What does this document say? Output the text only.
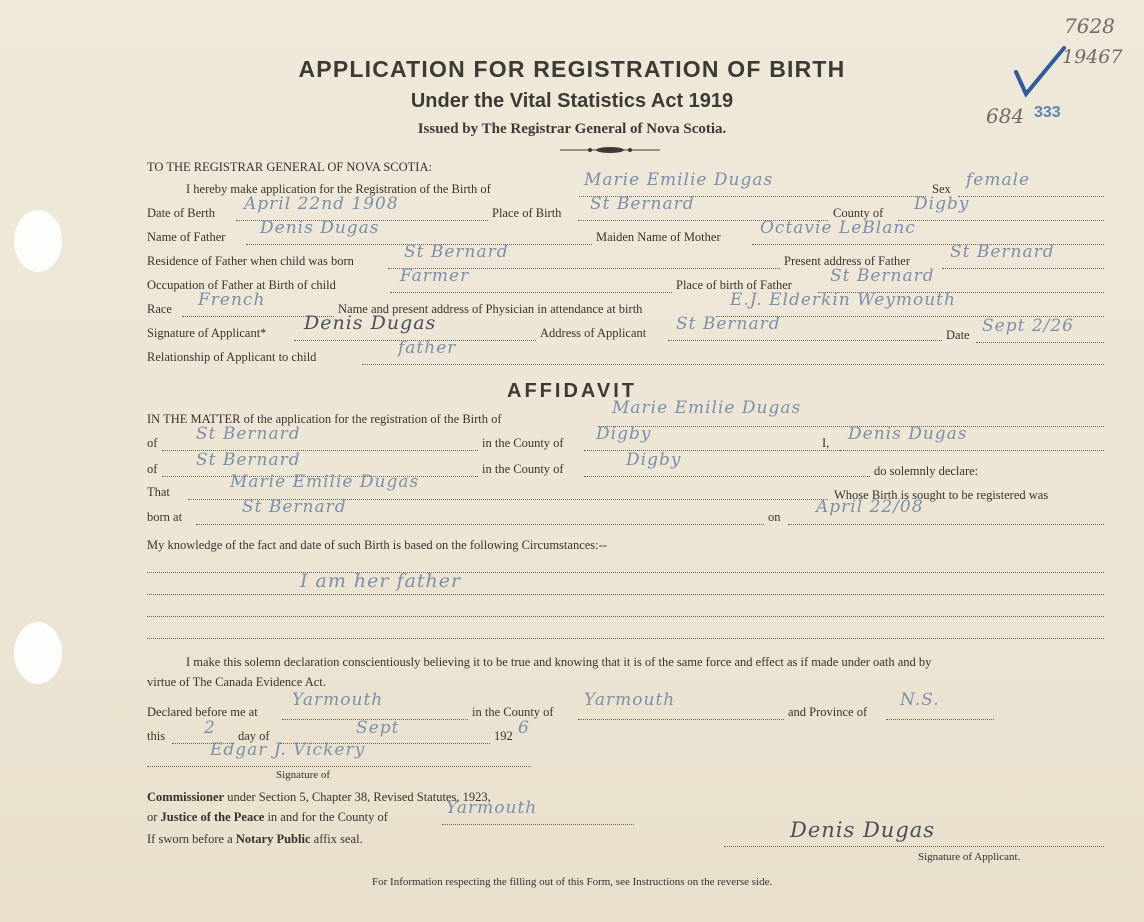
7628
19467
684 333
APPLICATION FOR REGISTRATION OF BIRTH
Under the Vital Statistics Act 1919
Issued by The Registrar General of Nova Scotia.
TO THE REGISTRAR GENERAL OF NOVA SCOTIA:
I hereby make application for the Registration of the Birth of	Marie Emilie Dugas	Sex female
Date of Berth April 22nd 1908	Place of Birth St Bernard	County of Digby
Name of Father Denis Dugas	Maiden Name of Mother Octavie LeBlanc
Residence of Father when child was born	St Bernard	Present address of Father St Bernard
Occupation of Father at Birth of child	Farmer	Place of birth of Father St Bernard
Race French	Name and present address of Physician in attendance at birth	E.J. Elderkin Weymouth
Signature of Applicant* Denis Dugas	Address of Applicant St Bernard
Date Sept 2/26
Relationship of Applicant to child	father
AFFIDAVIT
IN THE MATTER of the application for the registration of the Birth of
Marie Emilie Dugas
of St Bernard	in the County of Digby	I, Denis Dugas
of St Bernard	in the County of	Digby
do solemnly declare:
That	Marie Emilie Dugas
Whose Birth is sought to be registered was
born at	St Bernard	on April 22/08
My knowledge of the fact and date of such Birth is based on the following Circumstances:--
I am her father
I make this solemn declaration conscientiously believing it to be true and knowing that it is of the same force and effect as if made under oath and by
virtue of The Canada Evidence Act.
Declared before me at
Yarmouth
in the County of
Yarmouth
and Province of
N.S.
this 2 day of	Sept	192 6
Edgar J. Vickery
Signature of
Commissioner under Section 5, Chapter 38, Revised Statutes, 1923,
or Justice of the Peace in and for the County of	Yarmouth
If sworn before a Notary Public affix seal.	Denis Dugas
Signature of Applicant.
For Information respecting the filling out of this Form, see Instructions on the reverse side.
